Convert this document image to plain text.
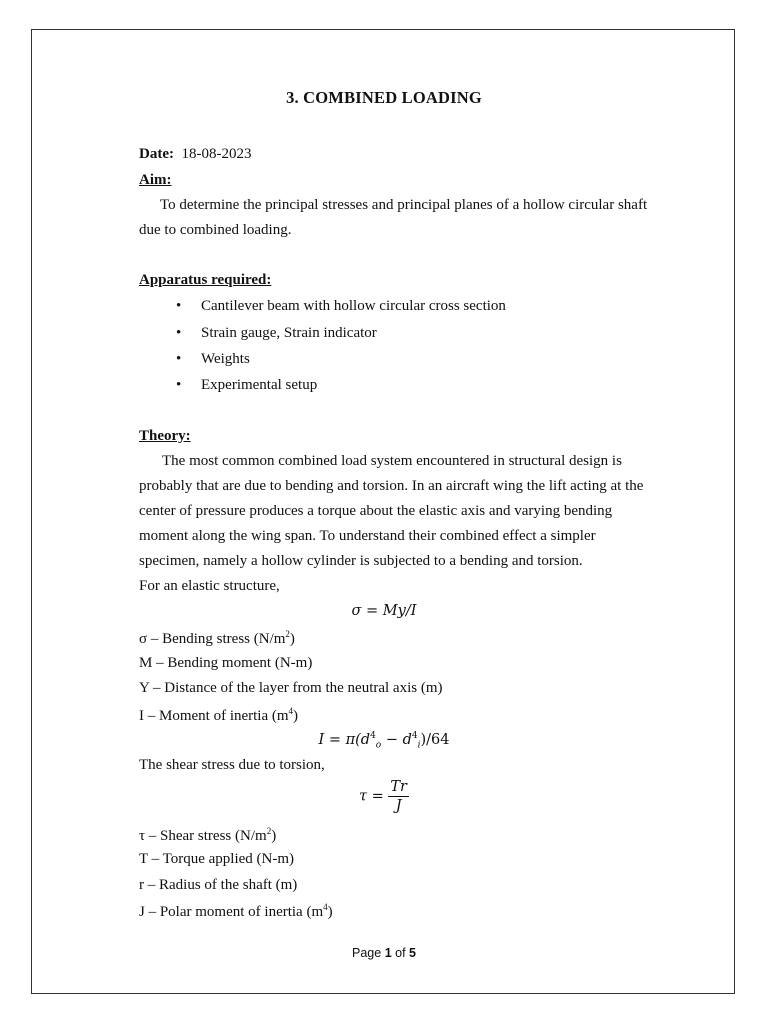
3. COMBINED LOADING
Date: 18-08-2023
Aim:
To determine the principal stresses and principal planes of a hollow circular shaft
due to combined loading.
Apparatus required:
• Cantilever beam with hollow circular cross section
• Strain gauge, Strain indicator
• Weights
• Experimental setup
Theory:
The most common combined load system encountered in structural design is
probably that are due to bending and torsion. In an aircraft wing the lift acting at the
center of pressure produces a torque about the elastic axis and varying bending
moment along the wing span. To understand their combined effect a simpler
specimen, namely a hollow cylinder is subjected to a bending and torsion.
For an elastic structure,
σ = My/I
σ – Bending stress $(N/m^2)$
M – Bending moment (N-m)
Y – Distance of the layer from the neutral axis (m)
I – Moment of inertia $(m^4)$
$I = \pi(d^4_o - d^4_i)/64$
The shear stress due to torsion,
$\tau = \frac{Tr}{J}$
τ – Shear stress $(N/m^2)$
T – Torque applied (N-m)
r – Radius of the shaft (m)
J – Polar moment of inertia $(m^4)$
Page 1 of 5
